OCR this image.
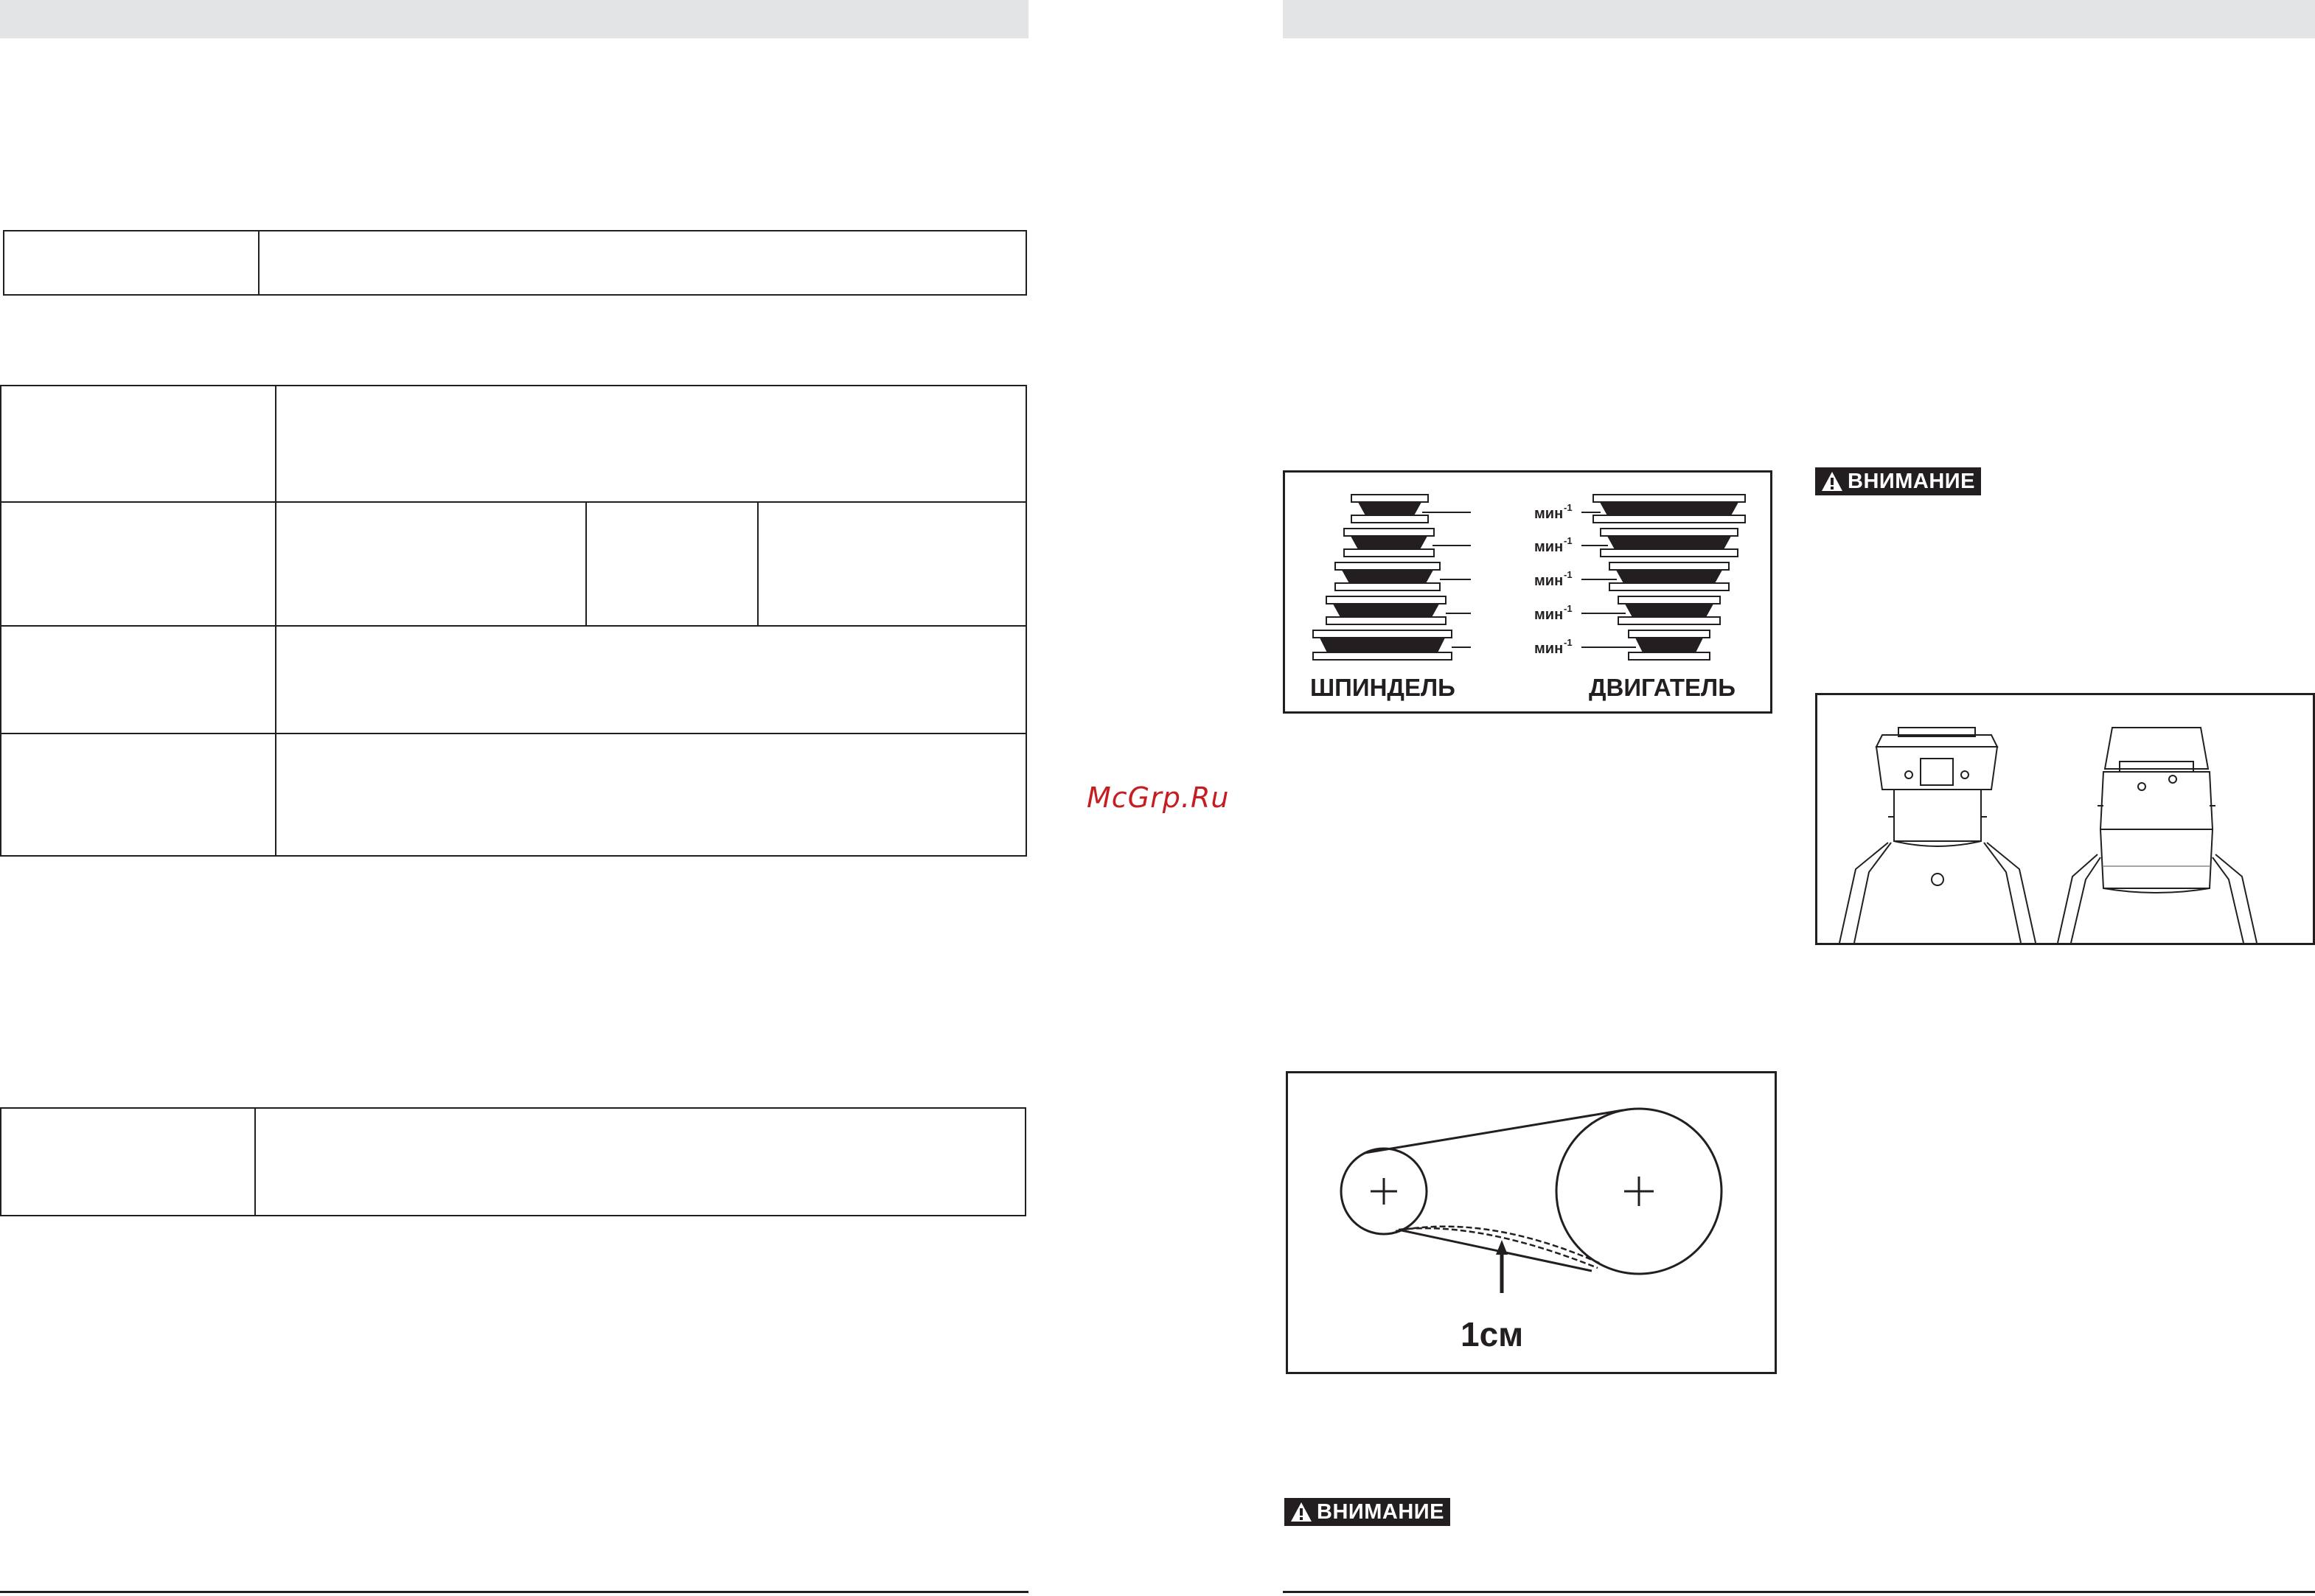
McGrp.Ru
мин -1
мин -1
мин -1
мин -1
мин -1
ШПИНДЕЛЬ	ДВИГАТЕЛЬ
ВНИМАНИЕ
1см
ВНИМАНИЕ
